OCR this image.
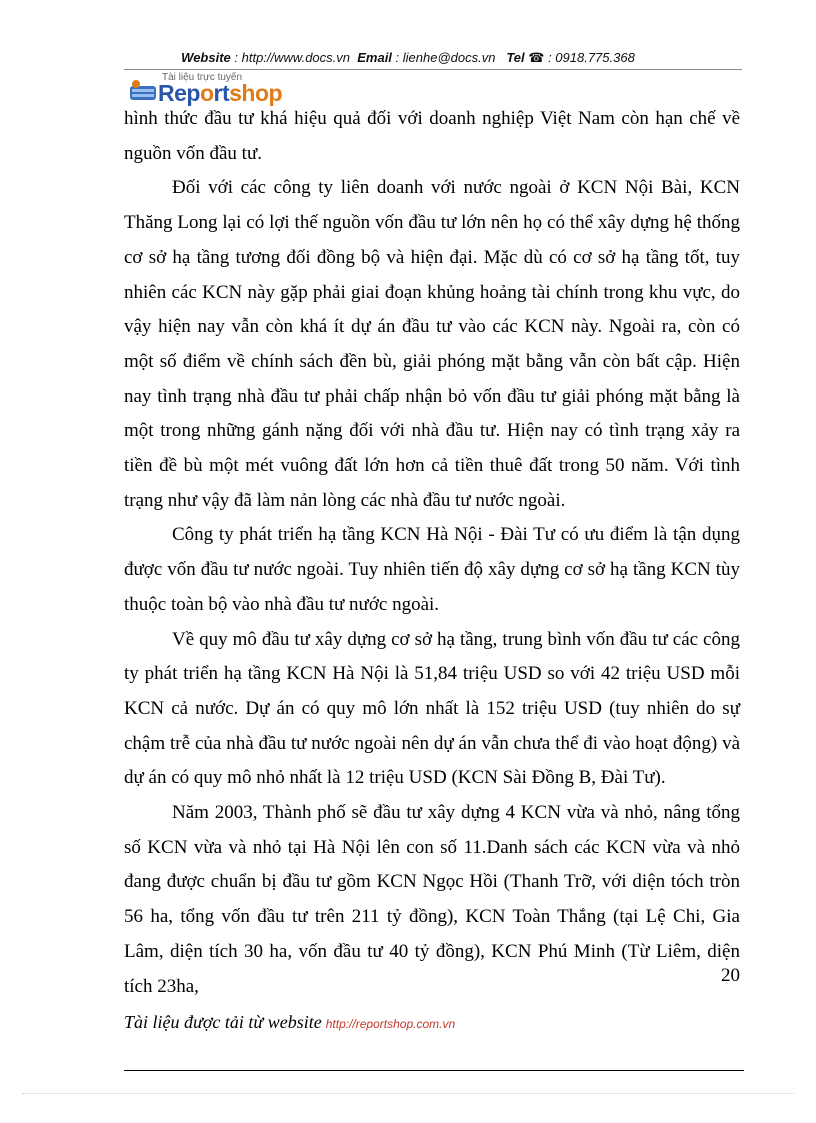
Website : http://www.docs.vn Email : lienhe@docs.vn Tel ☎ : 0918.775.368
Tài liệu trực tuyến
Reportshop

hình thức đầu tư khá hiệu quả đối với doanh nghiệp Việt Nam còn hạn chế về nguồn vốn đầu tư.

Đối với các công ty liên doanh với nước ngoài ở KCN Nội Bài, KCN Thăng Long lại có lợi thế nguồn vốn đầu tư lớn nên họ có thể xây dựng hệ thống cơ sở hạ tầng tương đối đồng bộ và hiện đại. Mặc dù có cơ sở hạ tầng tốt, tuy nhiên các KCN này gặp phải giai đoạn khủng hoảng tài chính trong khu vực, do vậy hiện nay vẫn còn khá ít dự án đầu tư vào các KCN này. Ngoài ra, còn có một số điểm về chính sách đền bù, giải phóng mặt bằng vẫn còn bất cập. Hiện nay tình trạng nhà đầu tư phải chấp nhận bỏ vốn đầu tư giải phóng mặt bằng là một trong những gánh nặng đối với nhà đầu tư. Hiện nay có tình trạng xảy ra tiền đề bù một mét vuông đất lớn hơn cả tiền thuê đất trong 50 năm. Với tình trạng như vậy đã làm nản lòng các nhà đầu tư nước ngoài.

Công ty phát triển hạ tầng KCN Hà Nội - Đài Tư có ưu điểm là tận dụng được vốn đầu tư nước ngoài. Tuy nhiên tiến độ xây dựng cơ sở hạ tầng KCN tùy thuộc toàn bộ vào nhà đầu tư nước ngoài.

Về quy mô đầu tư xây dựng cơ sở hạ tầng, trung bình vốn đầu tư các công ty phát triển hạ tầng KCN Hà Nội là 51,84 triệu USD so với 42 triệu USD mỗi KCN cả nước. Dự án có quy mô lớn nhất là 152 triệu USD (tuy nhiên do sự chậm trễ của nhà đầu tư nước ngoài nên dự án vẫn chưa thể đi vào hoạt động) và dự án có quy mô nhỏ nhất là 12 triệu USD (KCN Sài Đồng B, Đài Tư).

Năm 2003, Thành phố sẽ đầu tư xây dựng 4 KCN vừa và nhỏ, nâng tổng số KCN vừa và nhỏ tại Hà Nội lên con số 11.Danh sách các KCN vừa và nhỏ đang được chuẩn bị đầu tư gồm KCN Ngọc Hồi (Thanh Trỡ, với diện tóch tròn 56 ha, tổng vốn đầu tư trên 211 tỷ đồng), KCN Toàn Thắng (tại Lệ Chi, Gia Lâm, diện tích 30 ha, vốn đầu tư 40 tỷ đồng), KCN Phú Minh (Từ Liêm, diện tích 23ha,

20
Tài liệu được tải từ website http://reportshop.com.vn
